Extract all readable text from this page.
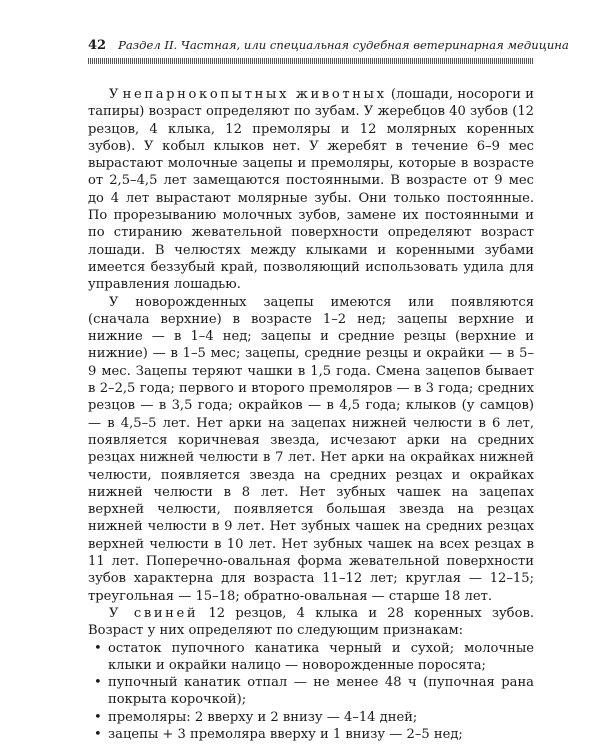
42 Раздел II. Частная, или специальная судебная ветеринарная медицина

У непарнокопытных животных (лошади, носороги и тапиры) возраст определяют по зубам. У жеребцов 40 зубов (12 резцов, 4 клыка, 12 премоляры и 12 молярных коренных зубов). У кобыл клыков нет. У жеребят в течение 6–9 мес вырастают молочные зацепы и премоляры, которые в возрасте от 2,5–4,5 лет замещаются постоянными. В возрасте от 9 мес до 4 лет вырастают молярные зубы. Они только постоянные. По прорезыванию молочных зубов, замене их постоянными и по стиранию жевательной поверхности определяют возраст лошади. В челюстях между клыками и коренными зубами имеется беззубый край, позволяющий использовать удила для управления лошадью.

У новорожденных зацепы имеются или появляются (сначала верхние) в возрасте 1–2 нед; зацепы верхние и нижние — в 1–4 нед; зацепы и средние резцы (верхние и нижние) — в 1–5 мес; зацепы, средние резцы и окрайки — в 5–9 мес. Зацепы теряют чашки в 1,5 года. Смена зацепов бывает в 2–2,5 года; первого и второго премоляров — в 3 года; средних резцов — в 3,5 года; окрайков — в 4,5 года; клыков (у самцов) — в 4,5–5 лет. Нет арки на зацепах нижней челюсти в 6 лет, появляется коричневая звезда, исчезают арки на средних резцах нижней челюсти в 7 лет. Нет арки на окрайках нижней челюсти, появляется звезда на средних резцах и окрайках нижней челюсти в 8 лет. Нет зубных чашек на зацепах верхней челюсти, появляется большая звезда на резцах нижней челюсти в 9 лет. Нет зубных чашек на средних резцах верхней челюсти в 10 лет. Нет зубных чашек на всех резцах в 11 лет. Поперечно-овальная форма жевательной поверхности зубов характерна для возраста 11–12 лет; круглая — 12–15; треугольная — 15–18; обратно-овальная — старше 18 лет.

У свиней 12 резцов, 4 клыка и 28 коренных зубов. Возраст у них определяют по следующим признакам:

• остаток пупочного канатика черный и сухой; молочные клыки и окрайки налицо — новорожденные поросята;
• пупочный канатик отпал — не менее 48 ч (пупочная рана покрыта корочкой);
• премоляры: 2 вверху и 2 внизу — 4–14 дней;
• зацепы + 3 премоляра вверху и 1 внизу — 2–5 нед;
